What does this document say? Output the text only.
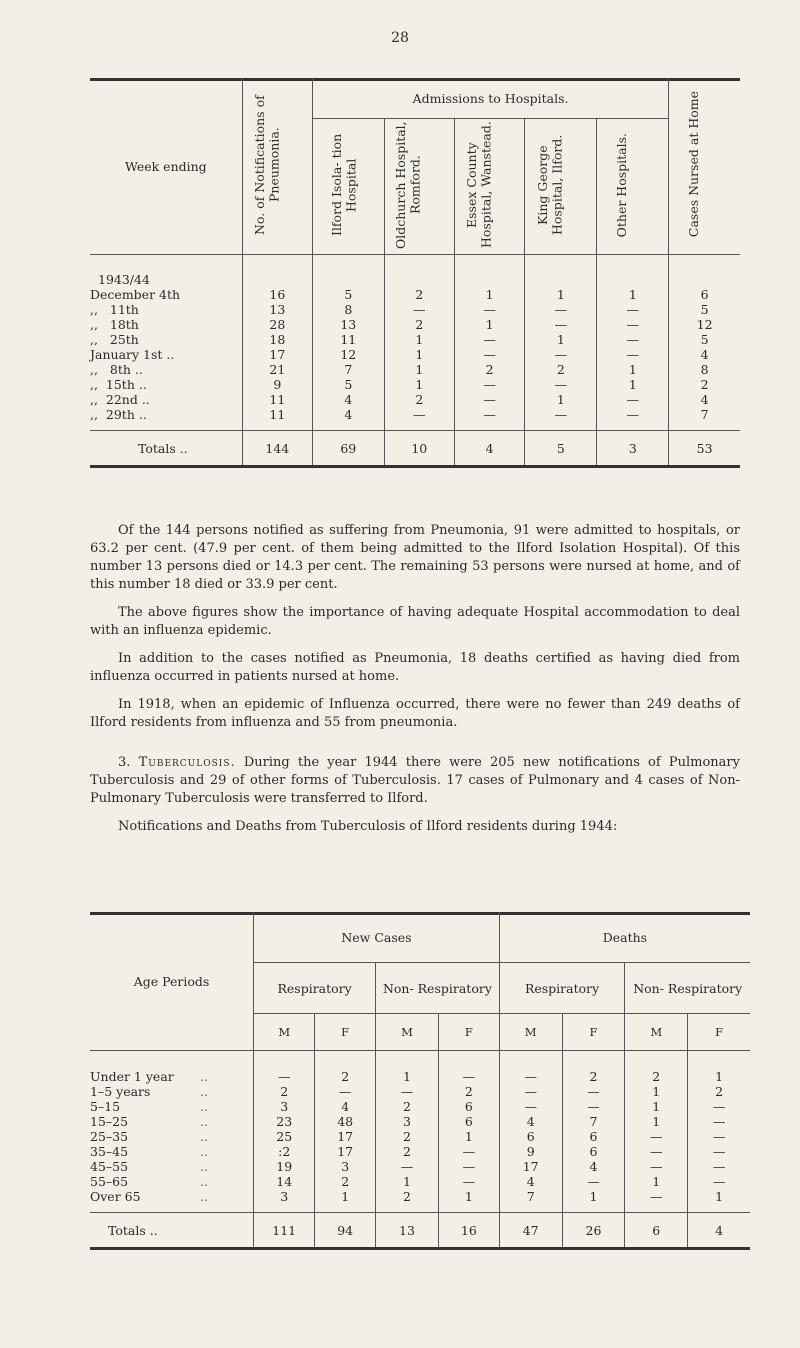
28
Week ending	No. of Notifications of Pneumonia.	Admissions to Hospitals.					Cases Nursed at Home
		Ilford Isola- tion Hospital	Oldchurch Hospital, Romford.	Essex County Hospital, Wanstead.	King George Hospital, Ilford.	Other Hospitals.	
1943/44							
December 4th	16	5	2	1	1	1	6
,,   11th	13	8	—	—	—	—	5
,,   18th	28	13	2	1	—	—	12
,,   25th	18	11	1	—	1	—	5
January 1st ..	17	12	1	—	—	—	4
,,   8th ..	21	7	1	2	2	1	8
,,  15th ..	9	5	1	—	—	1	2
,,  22nd ..	11	4	2	—	1	—	4
,,  29th ..	11	4	—	—	—	—	7
Totals ..	144	69	10	4	5	3	53

Of the 144 persons notified as suffering from Pneumonia, 91 were admitted to hospitals, or 63.2 per cent. (47.9 per cent. of them being admitted to the Ilford Isolation Hospital). Of this number 13 persons died or 14.3 per cent. The remaining 53 persons were nursed at home, and of this number 18 died or 33.9 per cent.

The above figures show the importance of having adequate Hospital accommodation to deal with an influenza epidemic.

In addition to the cases notified as Pneumonia, 18 deaths certified as having died from influenza occurred in patients nursed at home.

In 1918, when an epidemic of Influenza occurred, there were no fewer than 249 deaths of Ilford residents from influenza and 55 from pneumonia.

3. Tuberculosis. During the year 1944 there were 205 new notifications of Pulmonary Tuberculosis and 29 of other forms of Tuberculosis. 17 cases of Pulmonary and 4 cases of Non-Pulmonary Tuberculosis were transferred to Ilford.

Notifications and Deaths from Tuberculosis of Ilford residents during 1944:

Age Periods	New Cases				Deaths			
	Respiratory		Non- Respiratory		Respiratory		Non- Respiratory	
	M	F	M	F	M	F	M	F
Under 1 year ..	—	2	1	—	—	2	2	1
1–5 years ..	2	—	—	2	—	—	1	2
5–15 ..	3	4	2	6	—	—	1	—
15–25 ..	23	48	3	6	4	7	1	—
25–35 ..	25	17	2	1	6	6	—	—
35–45 ..	:2	17	2	—	9	6	—	—
45–55 ..	19	3	—	—	17	4	—	—
55–65 ..	14	2	1	—	4	—	1	—
Over 65 ..	3	1	2	1	7	1	—	1
Totals ..	111	94	13	16	47	26	6	4
